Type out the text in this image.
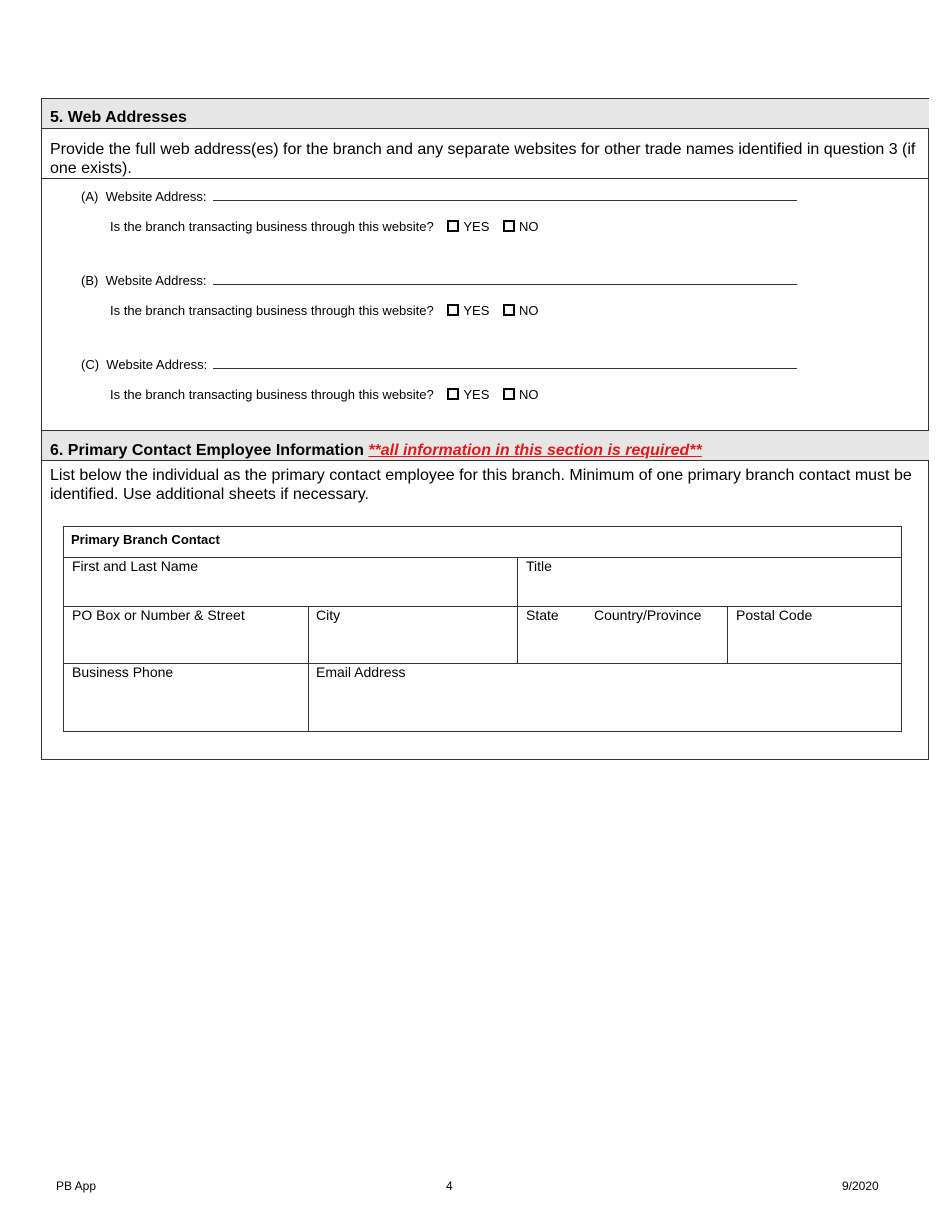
5. Web Addresses
Provide the full web address(es) for the branch and any separate websites for other trade names identified in question 3 (if one exists).
(A) Website Address:
Is the branch transacting business through this website? YES NO
(B) Website Address:
Is the branch transacting business through this website? YES NO
(C) Website Address:
Is the branch transacting business through this website? YES NO
6. Primary Contact Employee Information **all information in this section is required**
List below the individual as the primary contact employee for this branch. Minimum of one primary branch contact must be identified. Use additional sheets if necessary.
Primary Branch Contact
First and Last Name	Title
PO Box or Number & Street	City	State	Country/Province Postal Code
Business Phone	Email Address
PB App	4	9/2020
